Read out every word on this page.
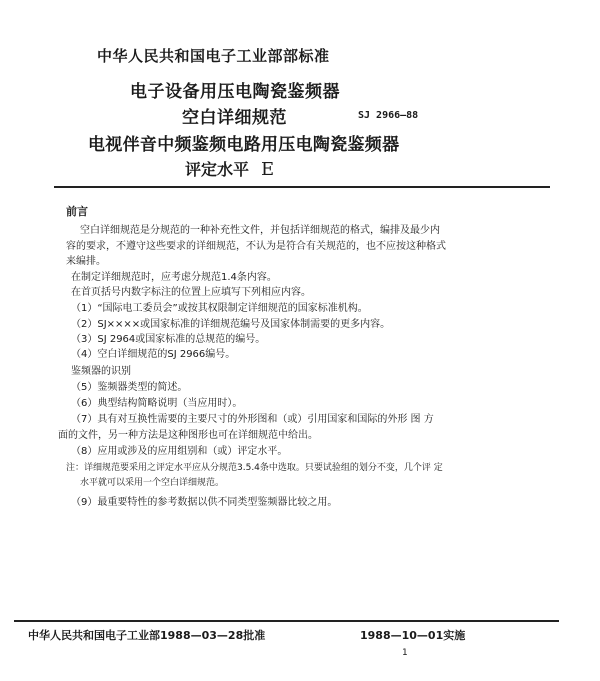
中华人民共和国电子工业部部标准
电子设备用压电陶瓷鉴频器
空白详细规范	SJ 2966—88
电视伴音中频鉴频电路用压电陶瓷鉴频器
评定水平 E
前言
空白详细规范是分规范的一种补充性文件，并包括详细规范的格式，编排及最少内
容的要求，不遵守这些要求的详细规范，不认为是符合有关规范的，也不应按这种格式
来编排。
在制定详细规范时，应考虑分规范1.4条内容。
在首页括号内数字标注的位置上应填写下列相应内容。
（1）“国际电工委员会”或按其权限制定详细规范的国家标准机构。
（2）SJ××××或国家标准的详细规范编号及国家体制需要的更多内容。
（3）SJ 2964或国家标准的总规范的编号。
（4）空白详细规范的SJ 2966编号。
鉴频器的识别
（5）鉴频器类型的简述。
（6）典型结构简略说明（当应用时）。
（7）具有对互换性需要的主要尺寸的外形图和（或）引用国家和国际的外形 图 方
面的文件，另一种方法是这种图形也可在详细规范中给出。
（8）应用或涉及的应用组别和（或）评定水平。
注：详细规范要采用之评定水平应从分规范3.5.4条中选取。只要试验组的划分不变，几个评 定
水平就可以采用一个空白详细规范。
（9）最重要特性的参考数据以供不同类型鉴频器比较之用。
中华人民共和国电子工业部1988—03—28批准	1988—10—01实施
1
